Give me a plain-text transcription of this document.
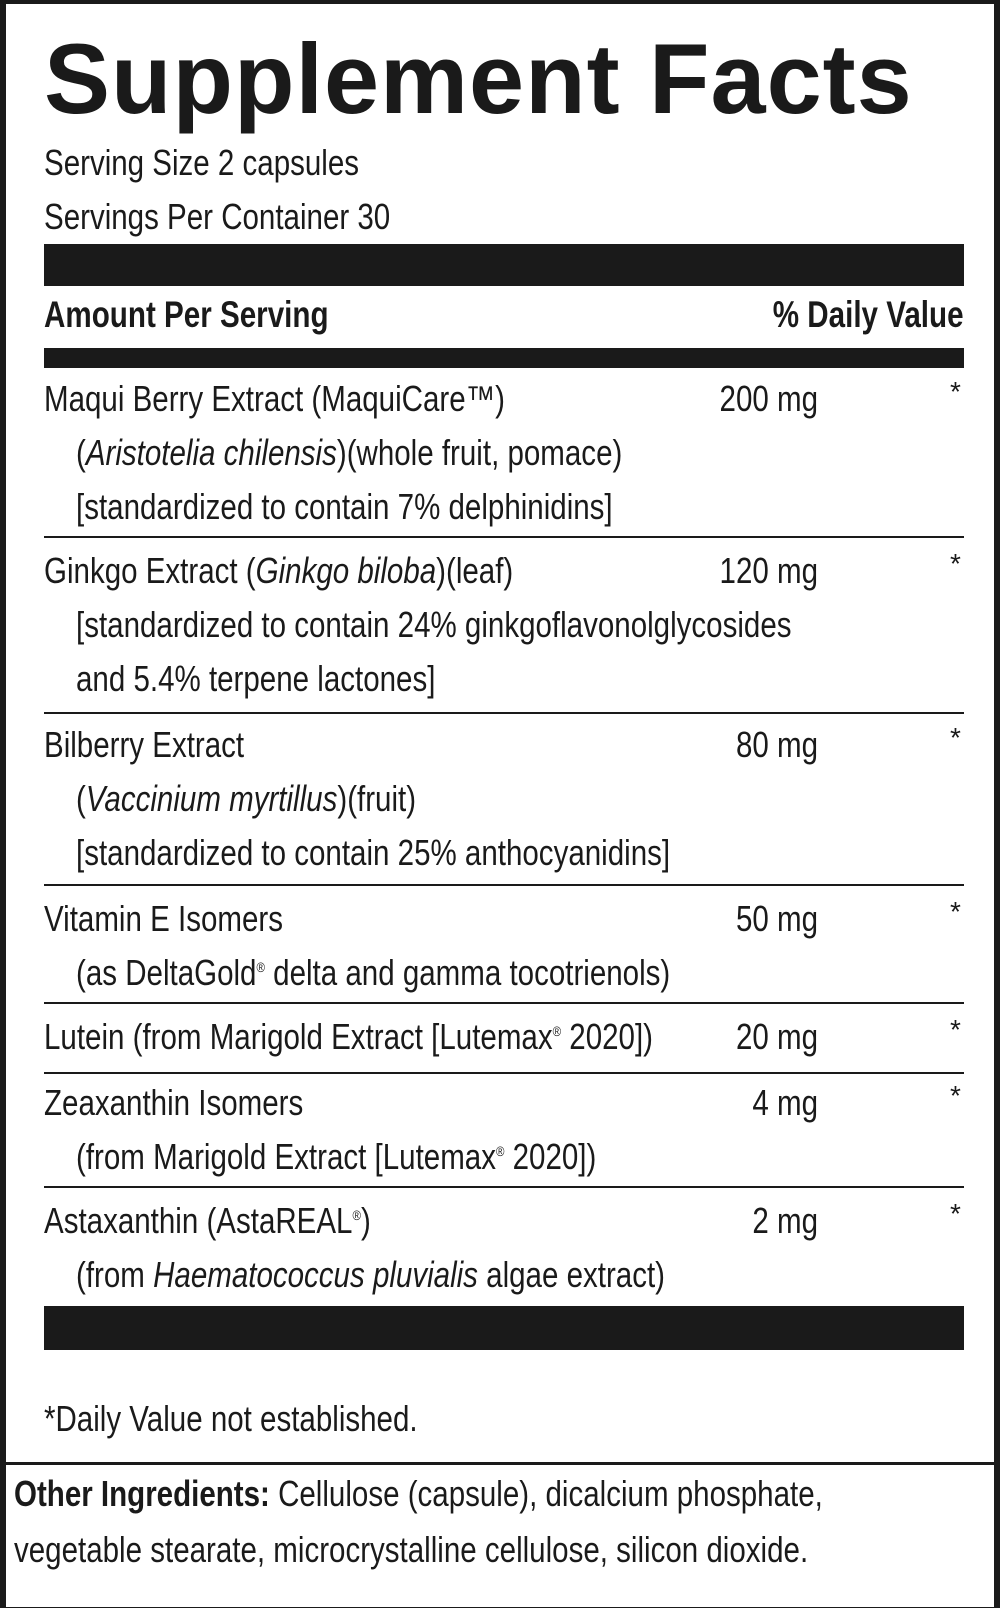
Supplement Facts
Serving Size 2 capsules
Servings Per Container 30
Amount Per Serving	% Daily Value
Maqui Berry Extract (MaquiCare™)
(Aristotelia chilensis)(whole fruit, pomace)
[standardized to contain 7% delphinidins]
200 mg	*
Ginkgo Extract (Ginkgo biloba)(leaf)
[standardized to contain 24% ginkgoflavonolglycosides
and 5.4% terpene lactones]
120 mg	*
Bilberry Extract
(Vaccinium myrtillus)(fruit)
[standardized to contain 25% anthocyanidins]
80 mg	*
Vitamin E Isomers
(as DeltaGold® delta and gamma tocotrienols)
50 mg	*
Lutein (from Marigold Extract [Lutemax® 2020])	20 mg	*
Zeaxanthin Isomers
(from Marigold Extract [Lutemax® 2020])
4 mg	*
Astaxanthin (AstaREAL®)
(from Haematococcus pluvialis algae extract)
2 mg	*
*Daily Value not established.
Other Ingredients: Cellulose (capsule), dicalcium phosphate,
vegetable stearate, microcrystalline cellulose, silicon dioxide.
